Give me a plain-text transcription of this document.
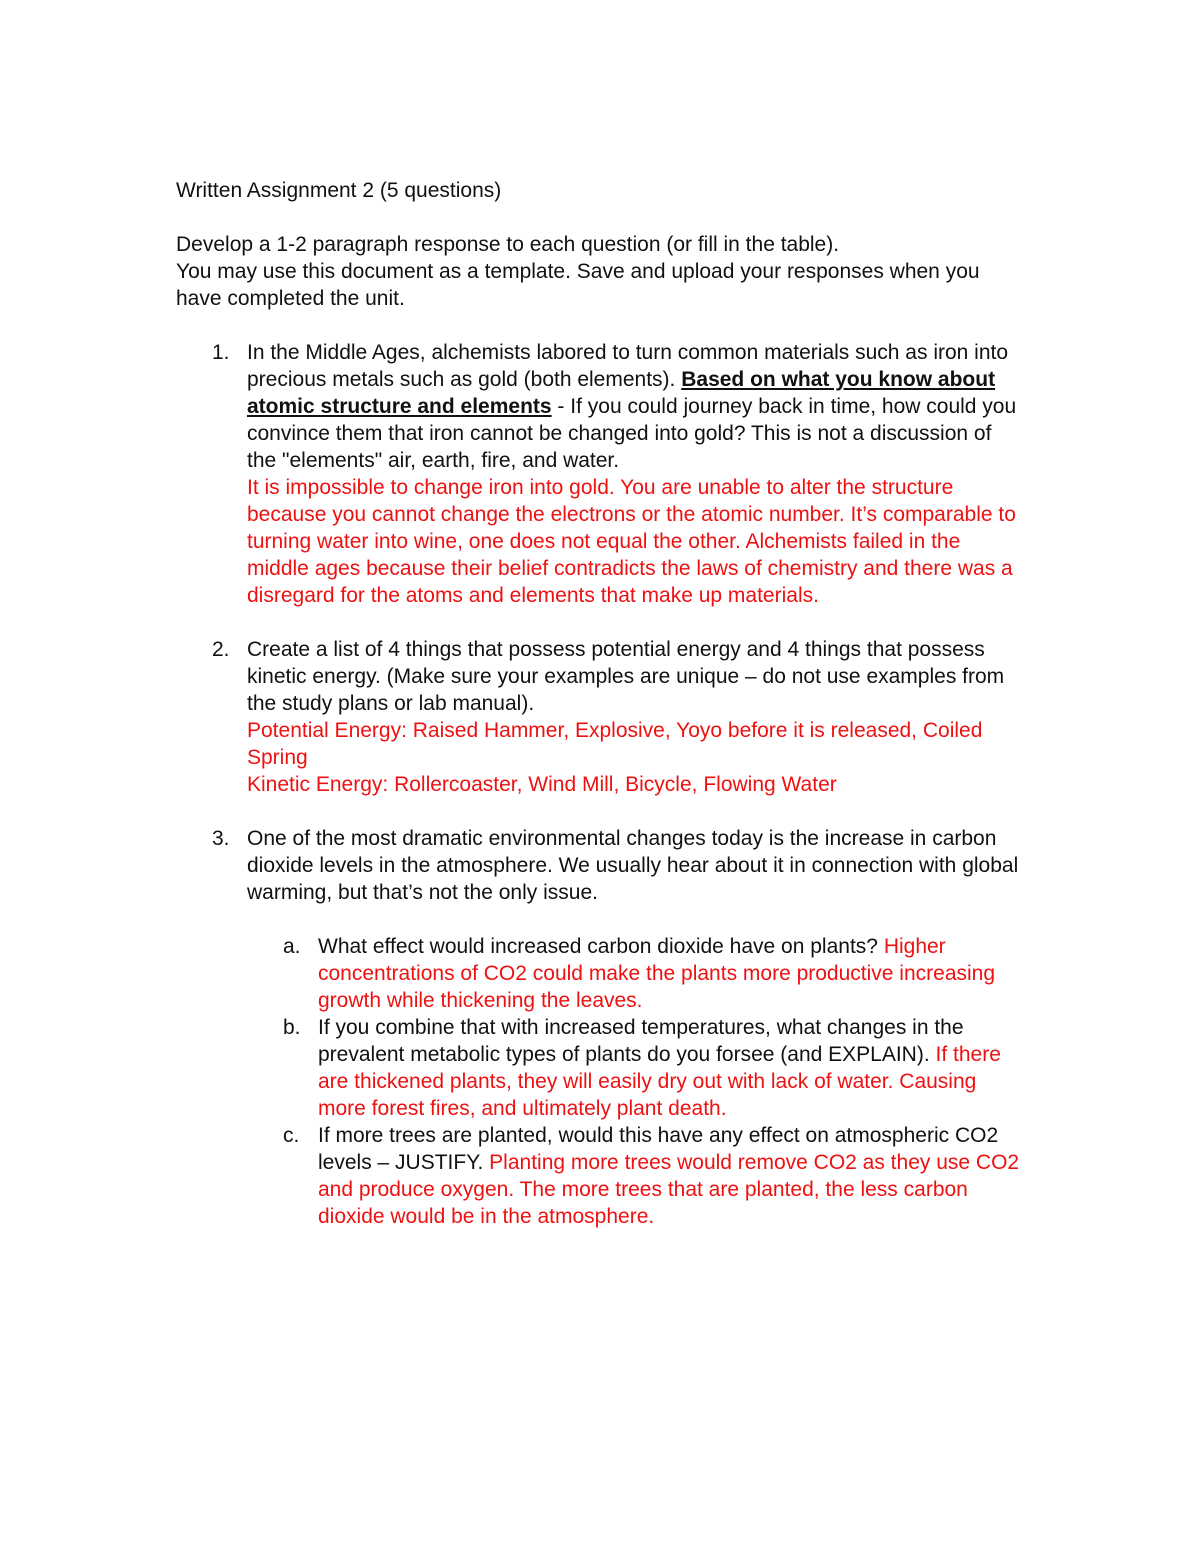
Written Assignment 2 (5 questions)
Develop a 1-2 paragraph response to each question (or fill in the table).
You may use this document as a template. Save and upload your responses when you have completed the unit.
1. In the Middle Ages, alchemists labored to turn common materials such as iron into precious metals such as gold (both elements). Based on what you know about atomic structure and elements - If you could journey back in time, how could you convince them that iron cannot be changed into gold? This is not a discussion of the "elements" air, earth, fire, and water.
It is impossible to change iron into gold. You are unable to alter the structure because you cannot change the electrons or the atomic number. It’s comparable to turning water into wine, one does not equal the other. Alchemists failed in the middle ages because their belief contradicts the laws of chemistry and there was a disregard for the atoms and elements that make up materials.
2. Create a list of 4 things that possess potential energy and 4 things that possess kinetic energy. (Make sure your examples are unique – do not use examples from the study plans or lab manual).
Potential Energy: Raised Hammer, Explosive, Yoyo before it is released, Coiled Spring
Kinetic Energy: Rollercoaster, Wind Mill, Bicycle, Flowing Water
3. One of the most dramatic environmental changes today is the increase in carbon dioxide levels in the atmosphere. We usually hear about it in connection with global warming, but that’s not the only issue.
a. What effect would increased carbon dioxide have on plants? Higher concentrations of CO2 could make the plants more productive increasing growth while thickening the leaves.
b. If you combine that with increased temperatures, what changes in the prevalent metabolic types of plants do you forsee (and EXPLAIN). If there are thickened plants, they will easily dry out with lack of water. Causing more forest fires, and ultimately plant death.
c. If more trees are planted, would this have any effect on atmospheric CO2 levels – JUSTIFY. Planting more trees would remove CO2 as they use CO2 and produce oxygen. The more trees that are planted, the less carbon dioxide would be in the atmosphere.
